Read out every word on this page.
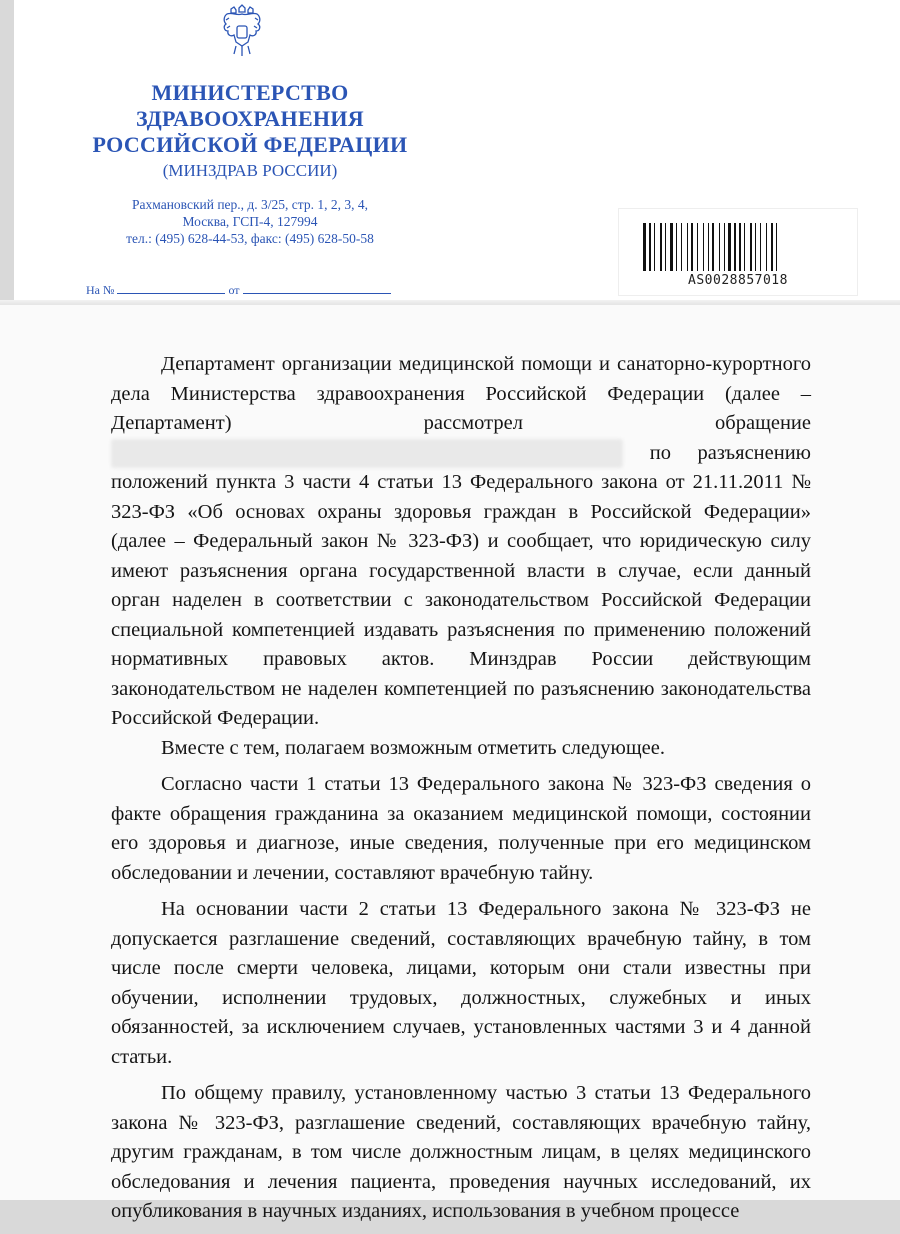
МИНИСТЕРСТВО
ЗДРАВООХРАНЕНИЯ
РОССИЙСКОЙ ФЕДЕРАЦИИ
(МИНЗДРАВ РОССИИ)
Рахмановский пер., д. 3/25, стр. 1, 2, 3, 4,
Москва, ГСП-4, 127994
тел.: (495) 628-44-53, факс: (495) 628-50-58
На №	от
AS0028857018

Департамент организации медицинской помощи и санаторно-курортного дела Министерства здравоохранения Российской Федерации (далее – Департамент) рассмотрел обращение  по разъяснению положений пункта 3 части 4 статьи 13 Федерального закона от 21.11.2011 № 323-ФЗ «Об основах охраны здоровья граждан в Российской Федерации» (далее – Федеральный закон № 323-ФЗ) и сообщает, что юридическую силу имеют разъяснения органа государственной власти в случае, если данный орган наделен в соответствии с законодательством Российской Федерации специальной компетенцией издавать разъяснения по применению положений нормативных правовых актов. Минздрав России действующим законодательством не наделен компетенцией по разъяснению законодательства Российской Федерации.

Вместе с тем, полагаем возможным отметить следующее.

Согласно части 1 статьи 13 Федерального закона № 323-ФЗ сведения о факте обращения гражданина за оказанием медицинской помощи, состоянии его здоровья и диагнозе, иные сведения, полученные при его медицинском обследовании и лечении, составляют врачебную тайну.

На основании части 2 статьи 13 Федерального закона № 323-ФЗ не допускается разглашение сведений, составляющих врачебную тайну, в том числе после смерти человека, лицами, которым они стали известны при обучении, исполнении трудовых, должностных, служебных и иных обязанностей, за исключением случаев, установленных частями 3 и 4 данной статьи.

По общему правилу, установленному частью 3 статьи 13 Федерального закона № 323-ФЗ, разглашение сведений, составляющих врачебную тайну, другим гражданам, в том числе должностным лицам, в целях медицинского обследования и лечения пациента, проведения научных исследований, их опубликования в научных изданиях, использования в учебном процессе
